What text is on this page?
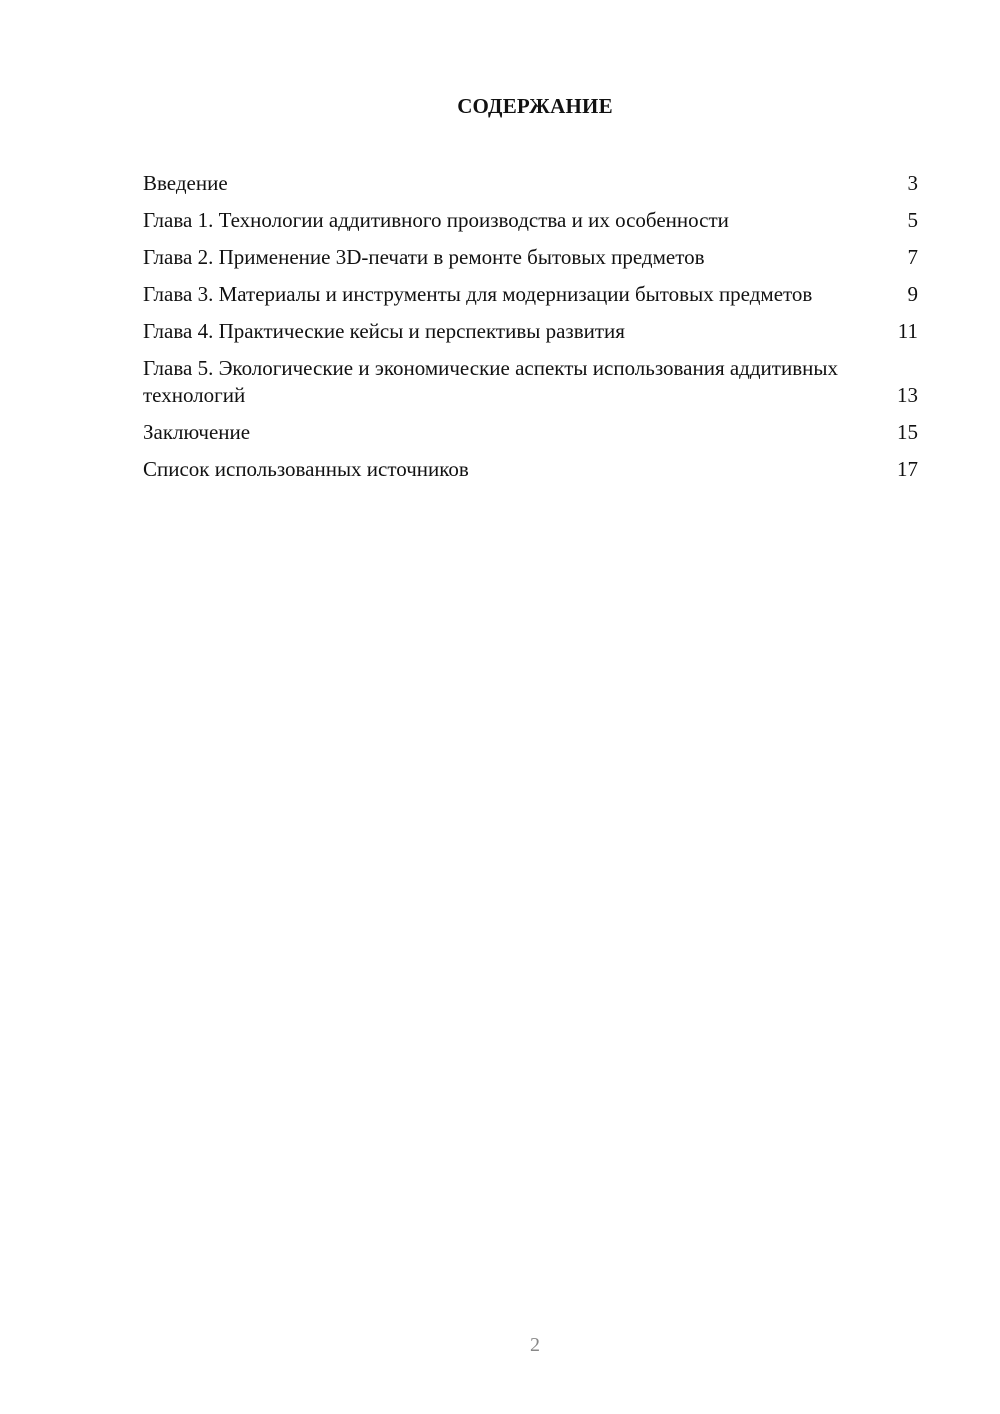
СОДЕРЖАНИЕ
Введение	3
Глава 1. Технологии аддитивного производства и их особенности	5
Глава 2. Применение 3D-печати в ремонте бытовых предметов	7
Глава 3. Материалы и инструменты для модернизации бытовых предметов	9
Глава 4. Практические кейсы и перспективы развития	11
Глава 5. Экологические и экономические аспекты использования аддитивных технологий	13
Заключение	15
Список использованных источников	17
2
